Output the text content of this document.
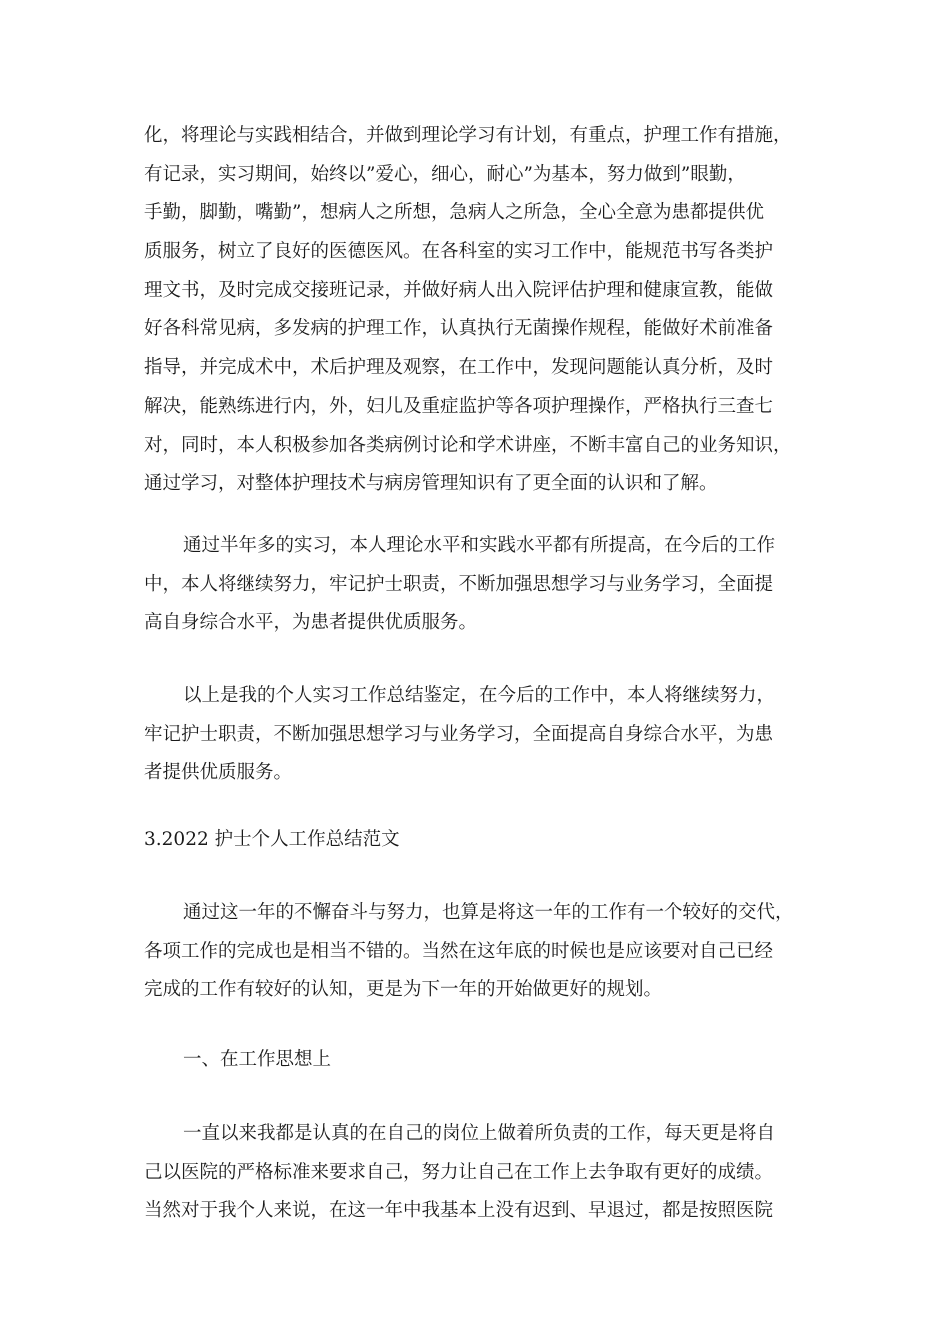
化，将理论与实践相结合，并做到理论学习有计划，有重点，护理工作有措施，
有记录，实习期间，始终以”爱心，细心，耐心”为基本，努力做到”眼勤，
手勤，脚勤，嘴勤”，想病人之所想，急病人之所急，全心全意为患都提供优
质服务，树立了良好的医德医风。在各科室的实习工作中，能规范书写各类护
理文书，及时完成交接班记录，并做好病人出入院评估护理和健康宣教，能做
好各科常见病，多发病的护理工作，认真执行无菌操作规程，能做好术前准备
指导，并完成术中，术后护理及观察，在工作中，发现问题能认真分析，及时
解决，能熟练进行内，外，妇儿及重症监护等各项护理操作，严格执行三查七
对，同时，本人积极参加各类病例讨论和学术讲座，不断丰富自己的业务知识，
通过学习，对整体护理技术与病房管理知识有了更全面的认识和了解。
通过半年多的实习，本人理论水平和实践水平都有所提高，在今后的工作
中，本人将继续努力，牢记护士职责，不断加强思想学习与业务学习，全面提
高自身综合水平，为患者提供优质服务。
以上是我的个人实习工作总结鉴定，在今后的工作中，本人将继续努力，
牢记护士职责，不断加强思想学习与业务学习，全面提高自身综合水平，为患
者提供优质服务。
3.2022 护士个人工作总结范文
通过这一年的不懈奋斗与努力，也算是将这一年的工作有一个较好的交代，
各项工作的完成也是相当不错的。当然在这年底的时候也是应该要对自己已经
完成的工作有较好的认知，更是为下一年的开始做更好的规划。
一、在工作思想上
一直以来我都是认真的在自己的岗位上做着所负责的工作，每天更是将自
己以医院的严格标准来要求自己，努力让自己在工作上去争取有更好的成绩。
当然对于我个人来说，在这一年中我基本上没有迟到、早退过，都是按照医院
